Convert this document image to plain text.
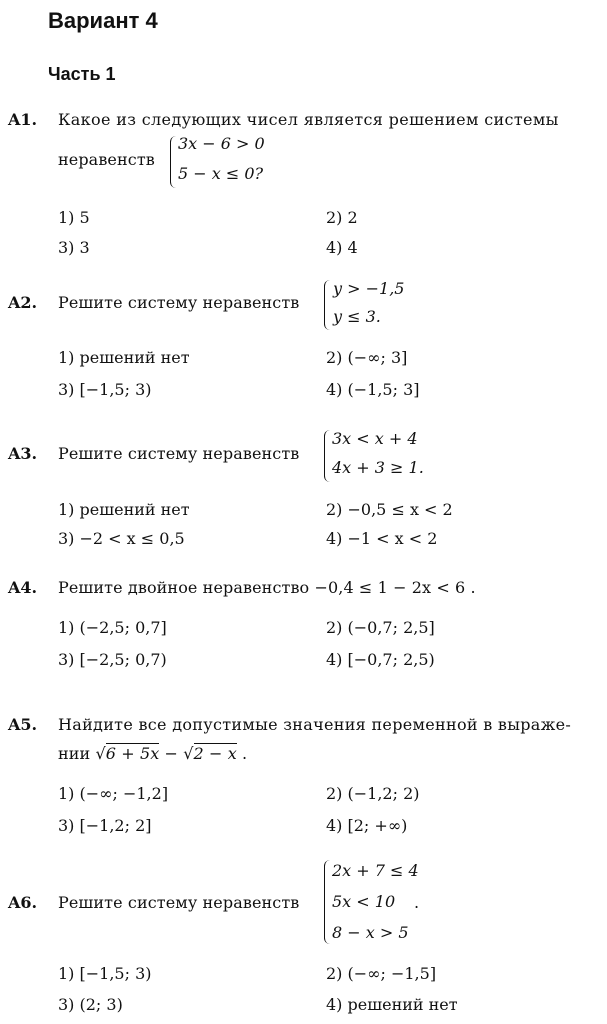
Вариант 4
Часть 1
A1. Какое из следующих чисел является решением системы
неравенств
3x − 6 > 0
5 − x ≤ 0?
1) 5	2) 2
3) 3	4) 4
A2. Решите систему неравенств
y > −1,5
y ≤ 3.
1) решений нет	2) (−∞; 3]
3) [−1,5; 3)	4) (−1,5; 3]
A3. Решите систему неравенств
3x < x + 4
4x + 3 ≥ 1.
1) решений нет	2) −0,5 ≤ x < 2
3) −2 < x ≤ 0,5	4) −1 < x < 2
A4. Решите двойное неравенство −0,4 ≤ 1 − 2x < 6 .
1) (−2,5; 0,7]	2) (−0,7; 2,5]
3) [−2,5; 0,7)	4) [−0,7; 2,5)
A5. Найдите все допустимые значения переменной в выраже-
нии √6 + 5x − √2 − x .
1) (−∞; −1,2]	2) (−1,2; 2)
3) [−1,2; 2]	4) [2; +∞)
A6. Решите систему неравенств
2x + 7 ≤ 4
5x < 10
8 − x > 5
.
1) [−1,5; 3)	2) (−∞; −1,5]
3) (2; 3)	4) решений нет
